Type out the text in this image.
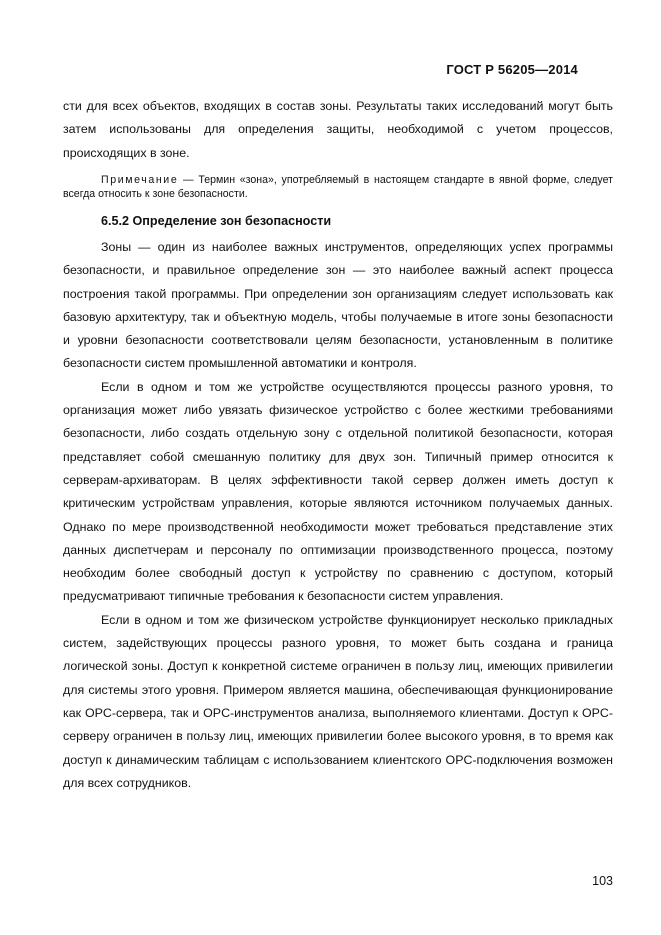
ГОСТ Р 56205—2014

сти для всех объектов, входящих в состав зоны. Результаты таких исследований могут быть затем использованы для определения защиты, необходимой с учетом процессов, происходящих в зоне.

Примечание — Термин «зона», употребляемый в настоящем стандарте в явной форме, следует всегда относить к зоне безопасности.
6.5.2 Определение зон безопасности

Зоны — один из наиболее важных инструментов, определяющих успех программы безопасности, и правильное определение зон — это наиболее важный аспект процесса построения такой программы. При определении зон организациям следует использовать как базовую архитектуру, так и объектную модель, чтобы получаемые в итоге зоны безопасности и уровни безопасности соответствовали целям безопасности, установленным в политике безопасности систем промышленной автоматики и контроля.

Если в одном и том же устройстве осуществляются процессы разного уровня, то организация может либо увязать физическое устройство с более жесткими требованиями безопасности, либо создать отдельную зону с отдельной политикой безопасности, которая представляет собой смешанную политику для двух зон. Типичный пример относится к серверам-архиваторам. В целях эффективности такой сервер должен иметь доступ к критическим устройствам управления, которые являются источником получаемых данных. Однако по мере производственной необходимости может требоваться представление этих данных диспетчерам и персоналу по оптимизации производственного процесса, поэтому необходим более свободный доступ к устройству по сравнению с доступом, который предусматривают типичные требования к безопасности систем управления.

Если в одном и том же физическом устройстве функционирует несколько прикладных систем, задействующих процессы разного уровня, то может быть создана и граница логической зоны. Доступ к конкретной системе ограничен в пользу лиц, имеющих привилегии для системы этого уровня. Примером является машина, обеспечивающая функционирование как OPC-сервера, так и OPC-инструментов анализа, выполняемого клиентами. Доступ к OPC-серверу ограничен в пользу лиц, имеющих привилегии более высокого уровня, в то время как доступ к динамическим таблицам с использованием клиентского OPC-подключения возможен для всех сотрудников.

103
